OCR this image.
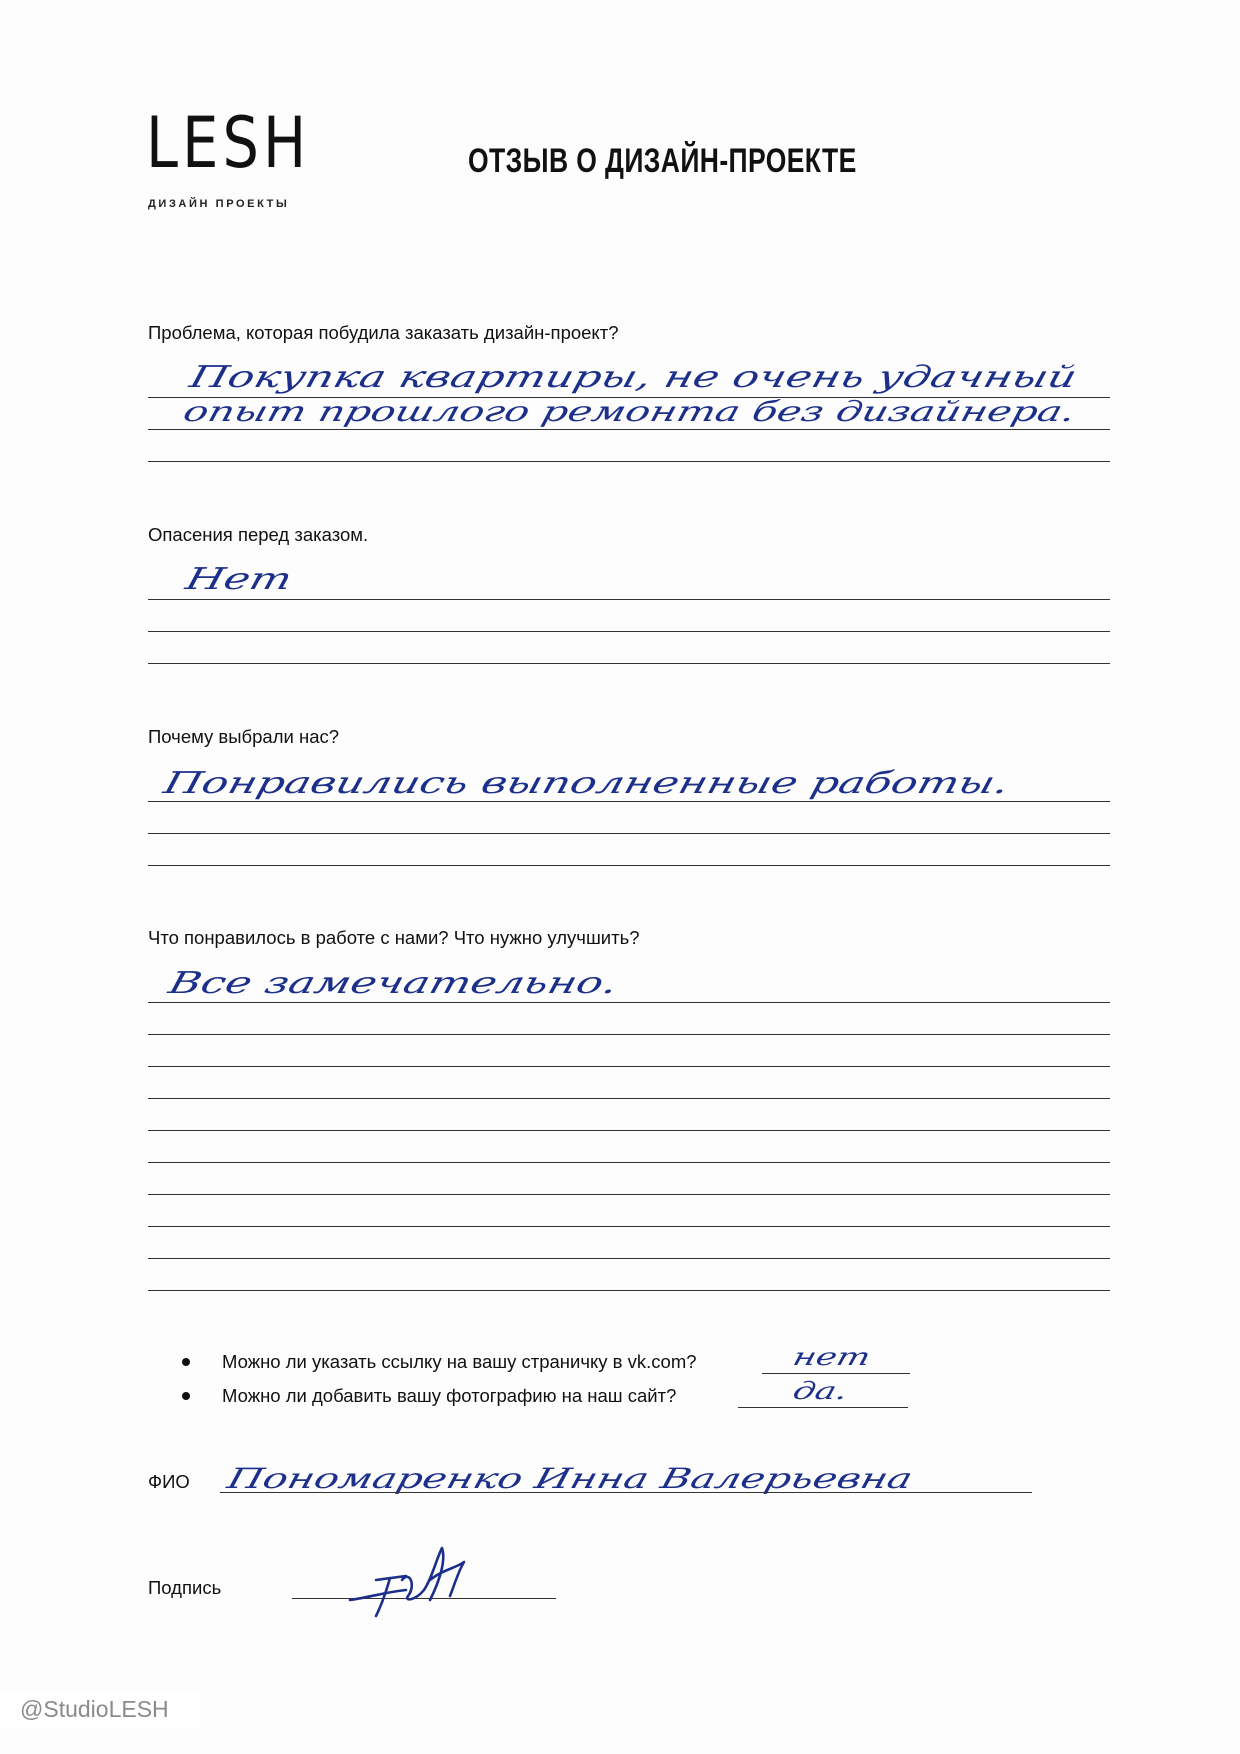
LESH
ДИЗАЙН ПРОЕКТЫ
ОТЗЫВ О ДИЗАЙН-ПРОЕКТЕ
Проблема, которая побудила заказать дизайн-проект?
Покупка квартиры, не очень удачный
опыт прошлого ремонта без дизайнера.
Опасения перед заказом.
Нет
Почему выбрали нас?
Понравились выполненные работы.
Что понравилось в работе с нами? Что нужно улучшить?
Все замечательно.
Можно ли указать ссылку на вашу страничку в vk.com?	нет
Можно ли добавить вашу фотографию на наш сайт?	да.
ФИО Пономаренко Инна Валерьевна
Подпись
@StudioLESH
